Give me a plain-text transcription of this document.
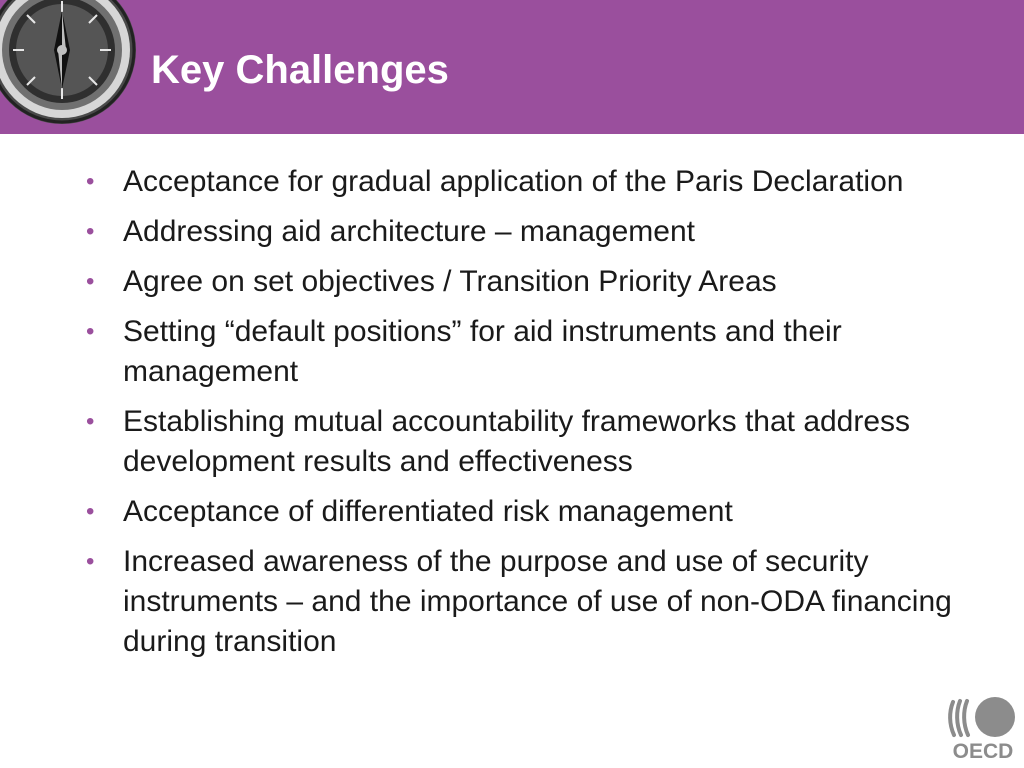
Key Challenges
• Acceptance for gradual application of the Paris Declaration
• Addressing aid architecture – management
• Agree on set objectives / Transition Priority Areas
• Setting “default positions” for aid instruments and their management
• Establishing mutual accountability frameworks that address development results and effectiveness
• Acceptance of differentiated risk management
• Increased awareness of the purpose and use of security instruments – and the importance of use of non-ODA financing during transition
OECD
